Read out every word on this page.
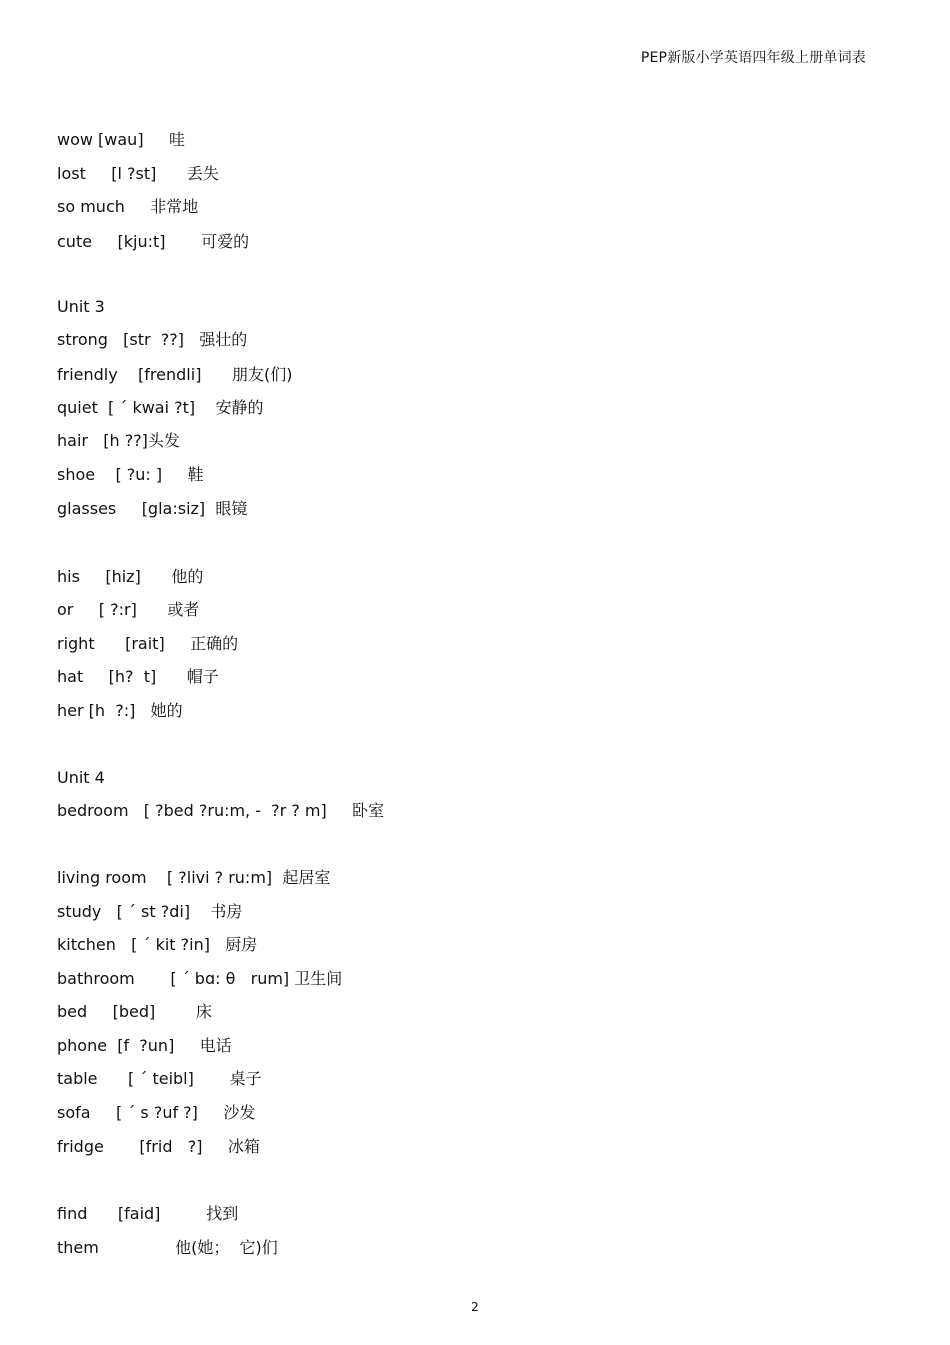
PEP新版小学英语四年级上册单词表
wow [wau]     哇
lost     [l ?st]      丢失
so much     非常地
cute     [kju:t]       可爱的
Unit 3
strong   [str  ??]   强壮的
friendly    [frendli]      朋友(们)
quiet  [ ˊ kwai ?t]    安静的
hair   [h ??]头发
shoe    [ ?u: ]     鞋
glasses     [gla:siz]  眼镜
his     [hiz]      他的
or     [ ?:r]      或者
right      [rait]     正确的
hat     [h?  t]      帽子
her [h  ?:]   她的
Unit 4
bedroom   [ ?bed ?ru:m, -  ?r ? m]     卧室
living room    [ ?livi ? ru:m]  起居室
study   [ ˊ st ?di]    书房
kitchen   [ ˊ kit ?in]   厨房
bathroom       [ ˊ bɑ: θ   rum] 卫生间
bed     [bed]        床
phone  [f  ?un]     电话
table      [ ˊ teibl]       桌子
sofa     [ ˊ s ?uf ?]     沙发
fridge       [frid   ?]     冰箱
find      [faid]         找到
them               他(她；  它)们
2
